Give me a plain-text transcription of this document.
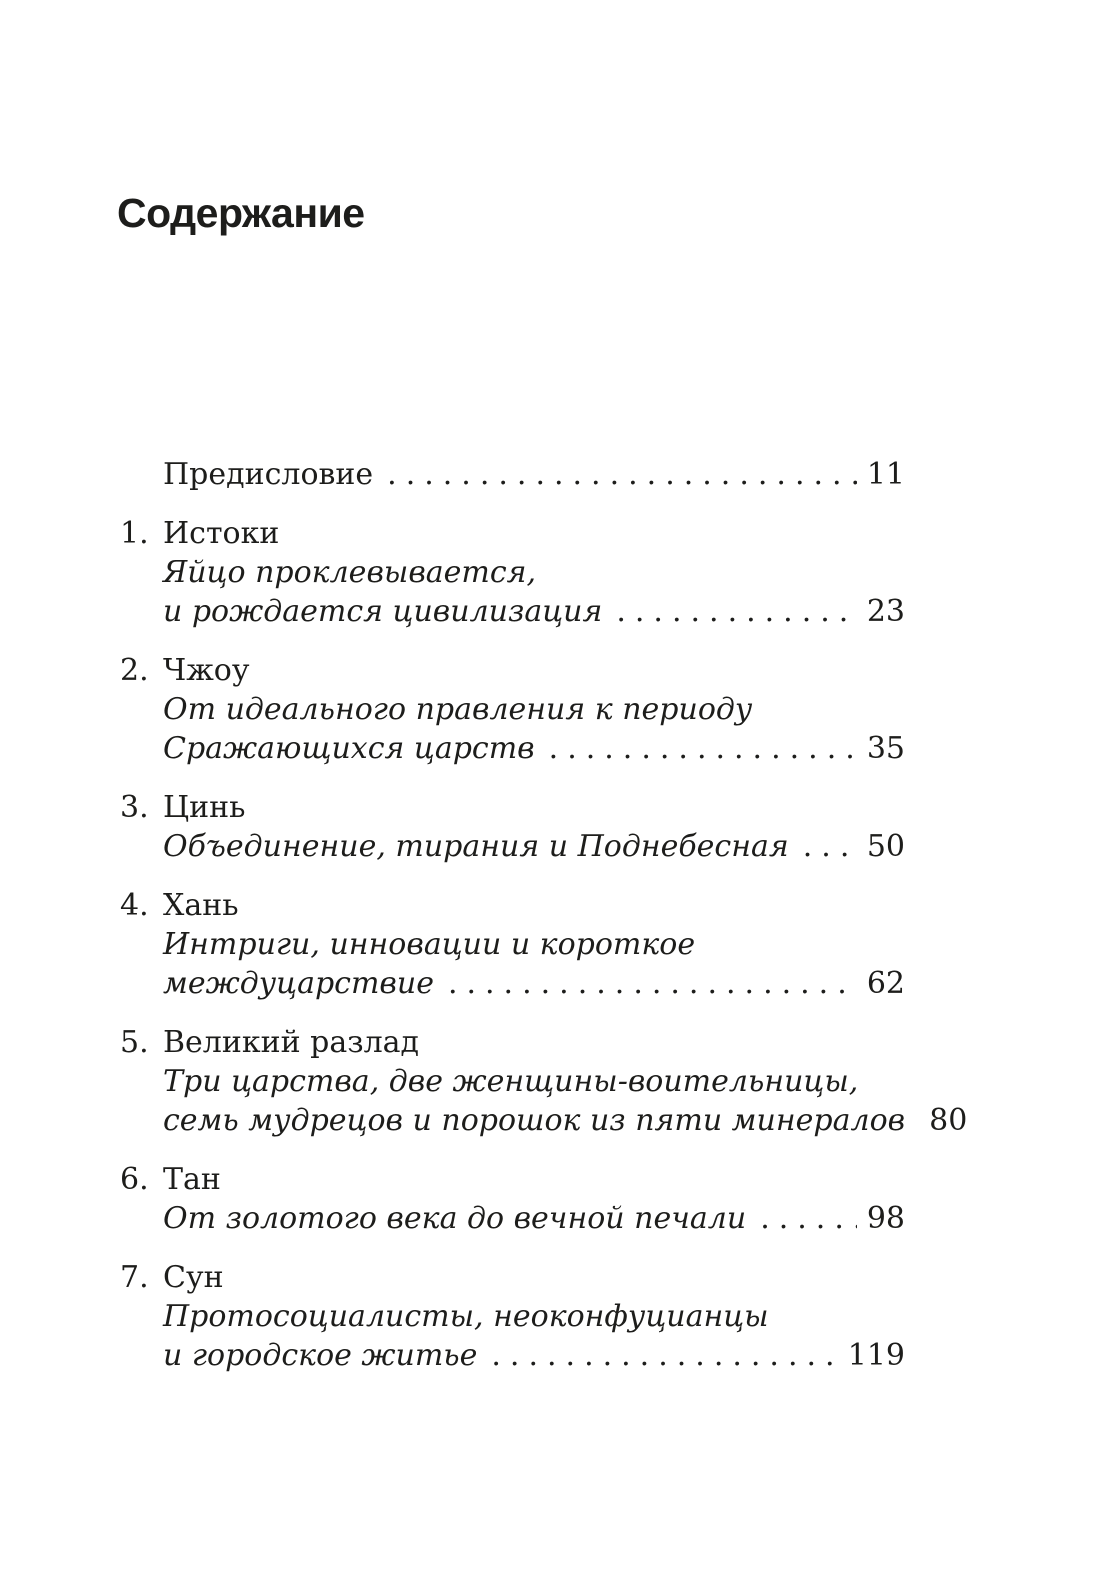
Содержание
Предисловие .....	11
1. Истоки
Яйцо проклевывается,
и рождается цивилизация .....	23
2. Чжоу
От идеального правления к периоду
Сражающихся царств .....	35
3. Цинь
Объединение, тирания и Поднебесная .....	50
4. Хань
Интриги, инновации и короткое
междуцарствие .....	62
5. Великий разлад
Три царства, две женщины-воительницы,
семь мудрецов и порошок из пяти минералов 80
6. Тан
От золотого века до вечной печали .....	98
7. Сун
Протосоциалисты, неоконфуцианцы
и городское житье .....	119
